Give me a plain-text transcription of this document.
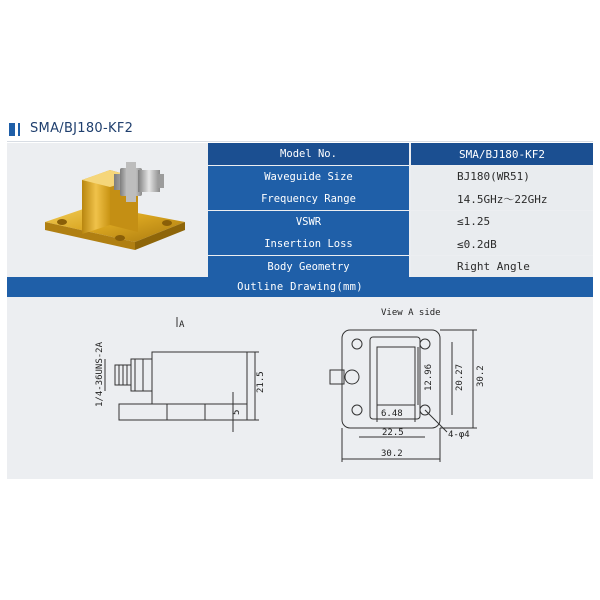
SMA/BJ180-KF2
Model No.	SMA/BJ180-KF2
Waveguide Size	BJ180(WR51)
Frequency Range	14.5GHz～22GHz
VSWR	≤1.25
Insertion Loss	≤0.2dB
Body Geometry	Right Angle
Outline Drawing(mm)
A
1/4-36UNS-2A	21.5
5
View A side
12.96 20.27 30.2
6.48
22.5
30.2
4-φ4
